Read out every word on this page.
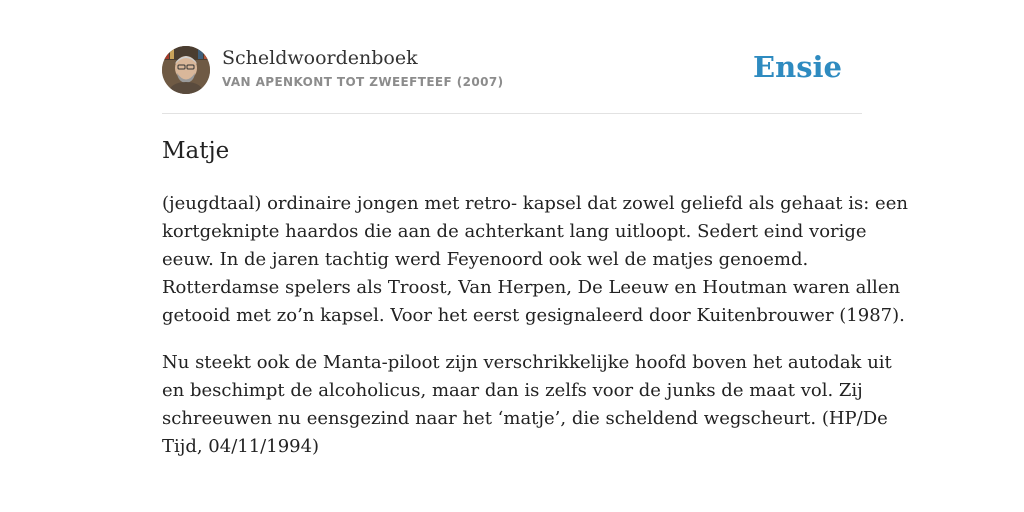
Scheldwoordenboek
VAN APENKONT TOT ZWEEFTEEF (2007)	Ensie
Matje

(jeugdtaal) ordinaire jongen met retro- kapsel dat zowel geliefd als gehaat is: een
kortgeknipte haardos die aan de achterkant lang uitloopt. Sedert eind vorige
eeuw. In de jaren tachtig werd Feyenoord ook wel de matjes genoemd.
Rotterdamse spelers als Troost, Van Herpen, De Leeuw en Houtman waren allen
getooid met zo’n kapsel. Voor het eerst gesignaleerd door Kuitenbrouwer (1987).

Nu steekt ook de Manta-piloot zijn verschrikkelijke hoofd boven het autodak uit
en beschimpt de alcoholicus, maar dan is zelfs voor de junks de maat vol. Zij
schreeuwen nu eensgezind naar het ‘matje’, die scheldend wegscheurt. (HP/De
Tijd, 04/11/1994)
